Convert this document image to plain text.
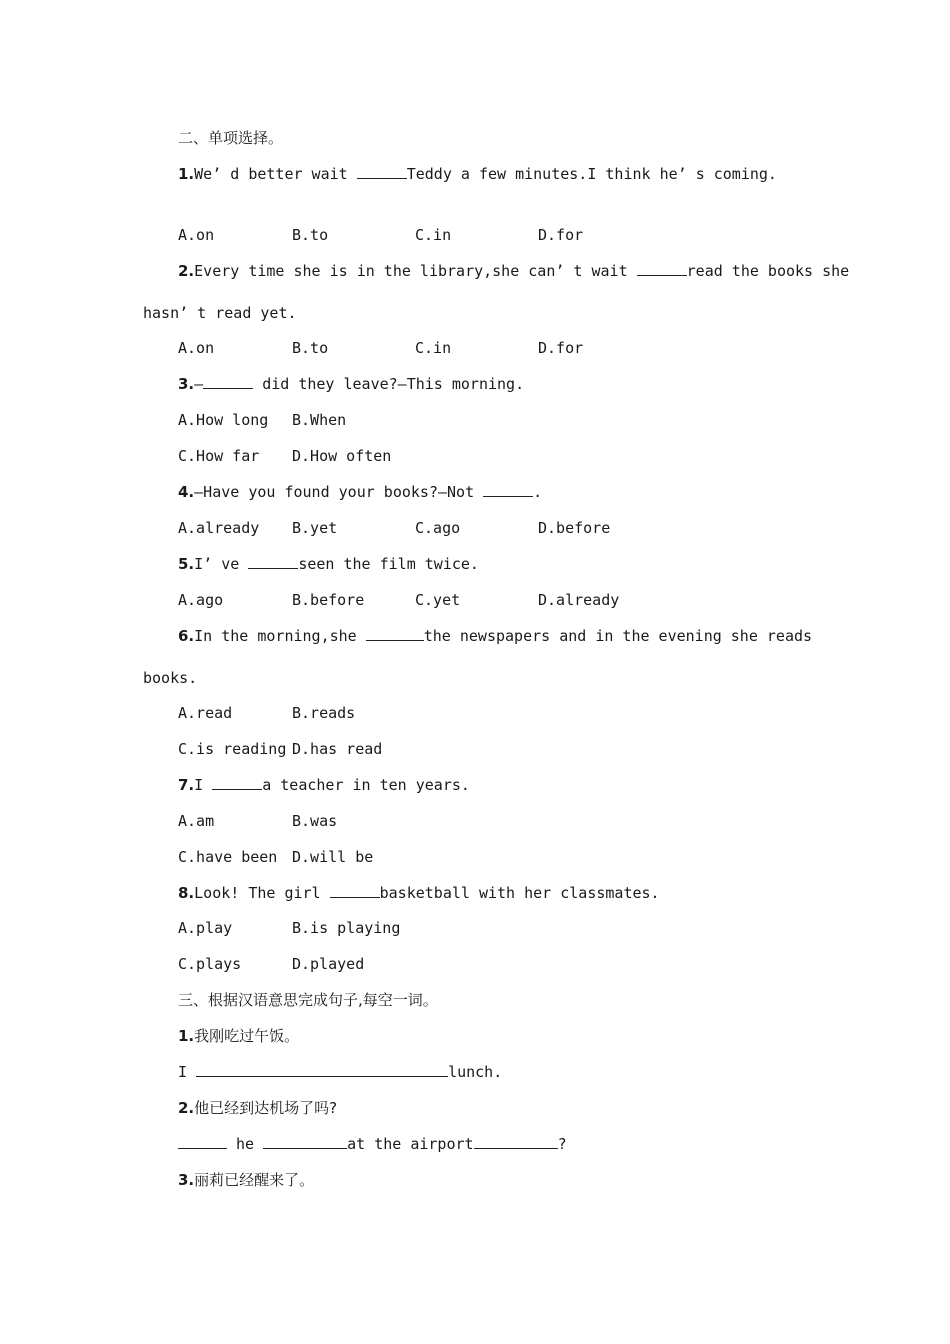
二、单项选择。
1.We’ d better wait	Teddy a few minutes.I think he’ s coming.
A.on	B.to	C.in	D.for
2.Every time she is in the library,she can’ t wait	read the books she
hasn’ t read yet.
A.on	B.to	C.in	D.for
3.—	did they leave?—This morning.
A.How long B.When
C.How far D.How often
4.—Have you found your books?—Not	.
A.already B.yet	C.ago	D.before
5.I’ ve	seen the film twice.
A.ago	B.before	C.yet	D.already
6.In the morning,she	the newspapers and in the evening she reads
books.
A.read	B.reads
C.is reading D.has read
7.I	a teacher in ten years.
A.am	B.was
C.have been D.will be
8.Look! The girl	basketball with her classmates.
A.play	B.is playing
C.plays	D.played
三、根据汉语意思完成句子,每空一词。
1.我刚吃过午饭。
I	lunch.
2.他已经到达机场了吗?
he	at the airport	?
3.丽莉已经醒来了。
